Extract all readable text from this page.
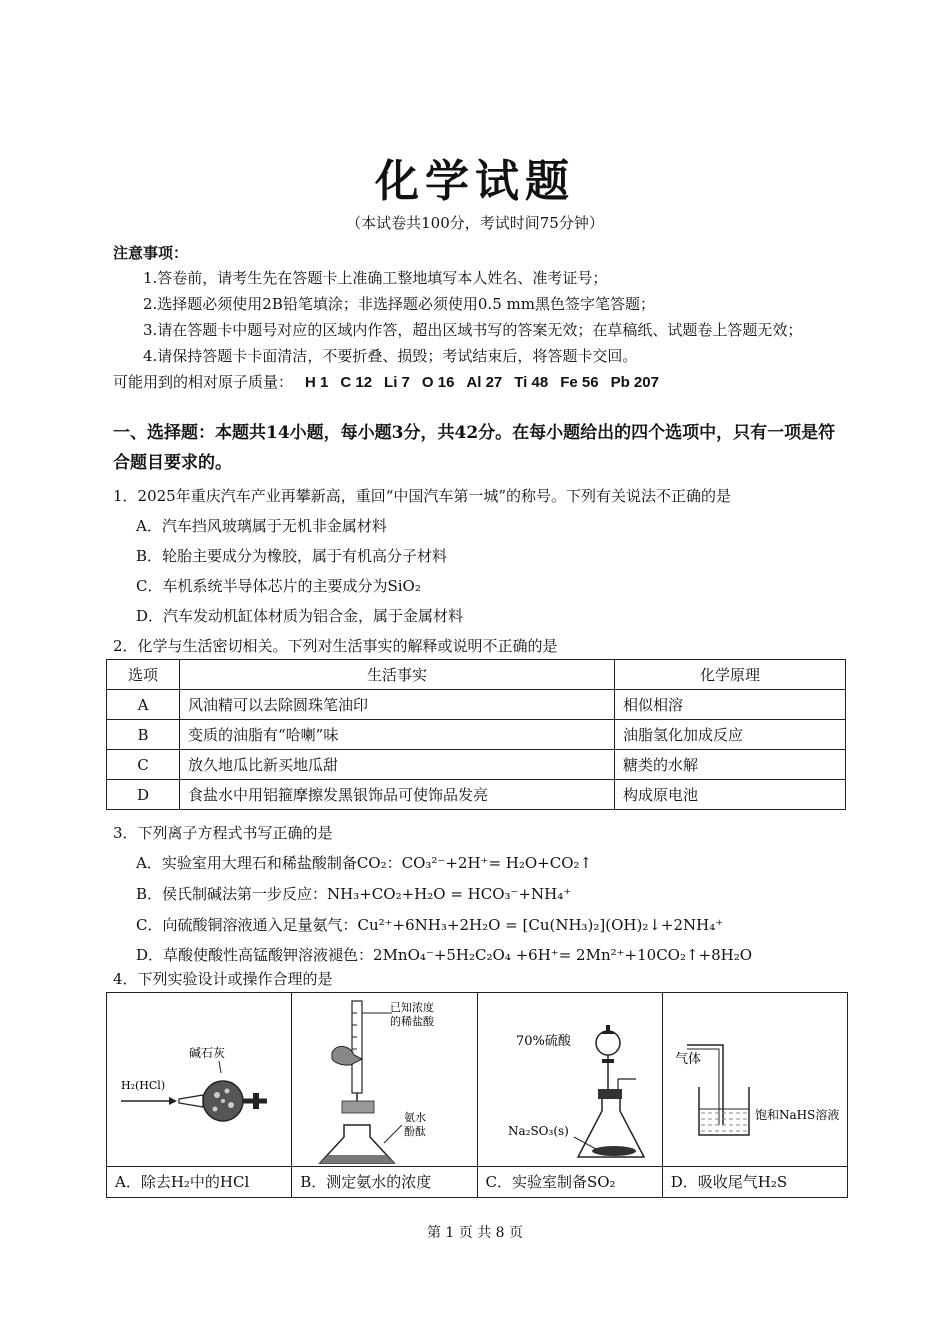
化学试题
（本试卷共100分，考试时间75分钟）
注意事项：
1.答卷前，请考生先在答题卡上准确工整地填写本人姓名、准考证号；
2.选择题必须使用2B铅笔填涂；非选择题必须使用0.5 mm黑色签字笔答题；
3.请在答题卡中题号对应的区域内作答，超出区域书写的答案无效；在草稿纸、试题卷上答题无效；
4.请保持答题卡卡面清洁，不要折叠、损毁；考试结束后，将答题卡交回。
可能用到的相对原子质量： H 1 C 12 Li 7 O 16 Al 27 Ti 48 Fe 56 Pb 207
一、选择题：本题共14小题，每小题3分，共42分。在每小题给出的四个选项中，只有一项是符合题目要求的。
1．2025年重庆汽车产业再攀新高，重回“中国汽车第一城”的称号。下列有关说法不正确的是
A．汽车挡风玻璃属于无机非金属材料
B．轮胎主要成分为橡胶，属于有机高分子材料
C．车机系统半导体芯片的主要成分为SiO₂
D．汽车发动机缸体材质为铝合金，属于金属材料
2．化学与生活密切相关。下列对生活事实的解释或说明不正确的是
选项	生活事实	化学原理
A	风油精可以去除圆珠笔油印	相似相溶
B	变质的油脂有“哈喇”味	油脂氢化加成反应
C	放久地瓜比新买地瓜甜	糖类的水解
D	食盐水中用铝箍摩擦发黑银饰品可使饰品发亮	构成原电池
3．下列离子方程式书写正确的是
A．实验室用大理石和稀盐酸制备CO₂：CO₃²⁻+2H⁺= H₂O+CO₂↑
B．侯氏制碱法第一步反应：NH₃+CO₂+H₂O = HCO₃⁻+NH₄⁺
C．向硫酸铜溶液通入足量氨气：Cu²⁺+6NH₃+2H₂O = [Cu(NH₃)₂](OH)₂↓+2NH₄⁺
D．草酸使酸性高锰酸钾溶液褪色：2MnO₄⁻+5H₂C₂O₄ +6H⁺= 2Mn²⁺+10CO₂↑+8H₂O
4．下列实验设计或操作合理的是
碱石灰
H₂(HCl)
A．除去H₂中的HCl
已知浓度
的稀盐酸
氨水
酚酞
B．测定氨水的浓度
70%硫酸
Na₂SO₃(s)
C．实验室制备SO₂
气体
饱和NaHS溶液
D．吸收尾气H₂S
第 1 页 共 8 页
